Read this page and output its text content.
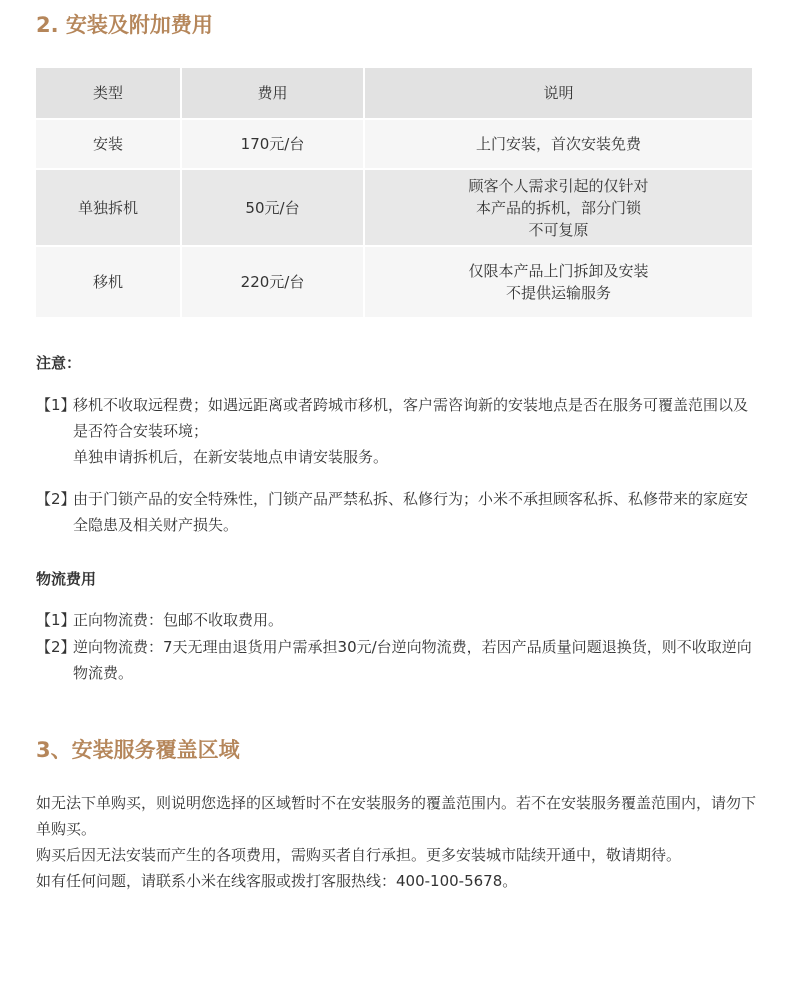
2. 安装及附加费用
类型	费用	说明
安装	170元/台	上门安装，首次安装免费

单独拆机	50元/台	顾客个人需求引起的仅针对
本产品的拆机，部分门锁
不可复原

移机	220元/台	仅限本产品上门拆卸及安装
不提供运输服务
注意：
【1】
移机不收取远程费；如遇远距离或者跨城市移机，客户需咨询新的安装地点是否在服务可覆盖范围以及是否符合安装环境；
单独申请拆机后，在新安装地点申请安装服务。
【2】
由于门锁产品的安全特殊性，门锁产品严禁私拆、私修行为；小米不承担顾客私拆、私修带来的家庭安全隐患及相关财产损失。
物流费用
【1】
正向物流费：包邮不收取费用。
【2】
逆向物流费：7天无理由退货用户需承担30元/台逆向物流费，若因产品质量问题退换货，则不收取逆向物流费。
3、安装服务覆盖区域

如无法下单购买，则说明您选择的区域暂时不在安装服务的覆盖范围内。若不在安装服务覆盖范围内，请勿下单购买。

购买后因无法安装而产生的各项费用，需购买者自行承担。更多安装城市陆续开通中，敬请期待。

如有任何问题，请联系小米在线客服或拨打客服热线：400-100-5678。
